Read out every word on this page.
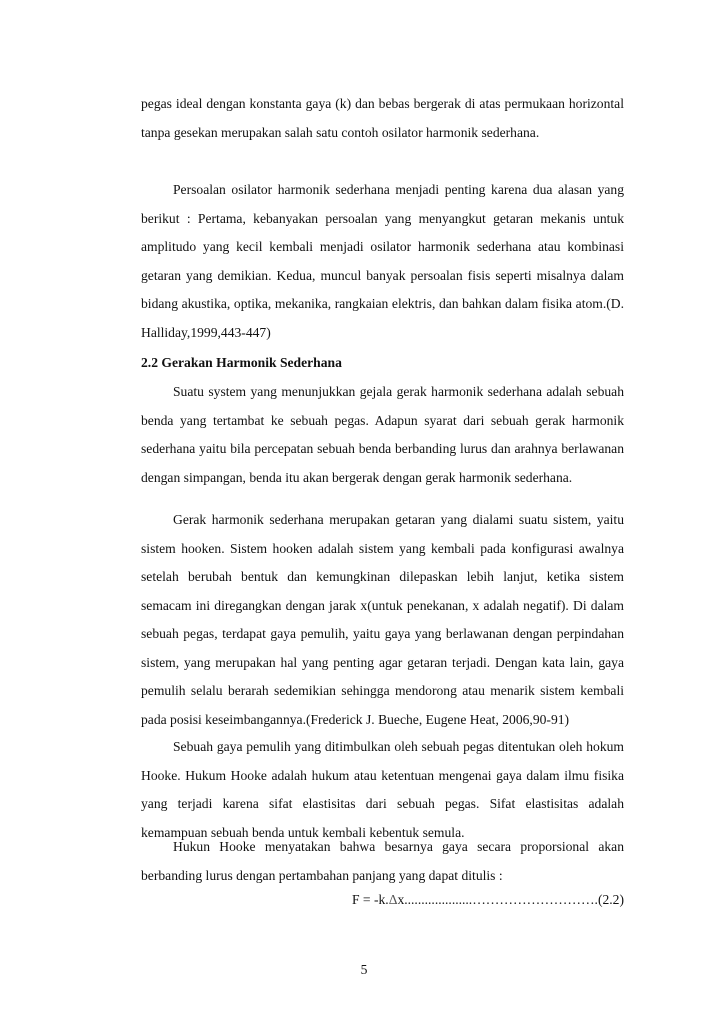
pegas ideal dengan konstanta gaya (k) dan bebas bergerak di atas permukaan horizontal tanpa gesekan merupakan salah satu contoh osilator harmonik sederhana.

Persoalan osilator harmonik sederhana menjadi penting karena dua alasan yang berikut : Pertama, kebanyakan persoalan yang menyangkut getaran mekanis untuk amplitudo yang kecil kembali menjadi osilator harmonik sederhana atau kombinasi getaran yang demikian. Kedua, muncul banyak persoalan fisis seperti misalnya dalam bidang akustika, optika, mekanika, rangkaian elektris, dan bahkan dalam fisika atom.(D. Halliday,1999,443-447)

2.2 Gerakan Harmonik Sederhana

Suatu system yang menunjukkan gejala gerak harmonik sederhana adalah sebuah benda yang tertambat ke sebuah pegas. Adapun syarat dari sebuah gerak harmonik sederhana yaitu bila percepatan sebuah benda berbanding lurus dan arahnya berlawanan dengan simpangan, benda itu akan bergerak dengan gerak harmonik sederhana.

Gerak harmonik sederhana merupakan getaran yang dialami suatu sistem, yaitu sistem hooken. Sistem hooken adalah sistem yang kembali pada konfigurasi awalnya setelah berubah bentuk dan kemungkinan dilepaskan lebih lanjut, ketika sistem semacam ini diregangkan dengan jarak x(untuk penekanan, x adalah negatif). Di dalam sebuah pegas, terdapat gaya pemulih, yaitu gaya yang berlawanan dengan perpindahan sistem, yang merupakan hal yang penting agar getaran terjadi. Dengan kata lain, gaya pemulih selalu berarah sedemikian sehingga mendorong atau menarik sistem kembali pada posisi keseimbangannya.(Frederick J. Bueche, Eugene Heat, 2006,90-91)

Sebuah gaya pemulih yang ditimbulkan oleh sebuah pegas ditentukan oleh hokum Hooke. Hukum Hooke adalah hukum atau ketentuan mengenai gaya dalam ilmu fisika yang terjadi karena sifat elastisitas dari sebuah pegas. Sifat elastisitas adalah kemampuan sebuah benda untuk kembali kebentuk semula.

Hukun Hooke menyatakan bahwa besarnya gaya secara proporsional akan berbanding lurus dengan pertambahan panjang yang dapat ditulis :

F = -k.Δx....................……………………….(2.2)
5
